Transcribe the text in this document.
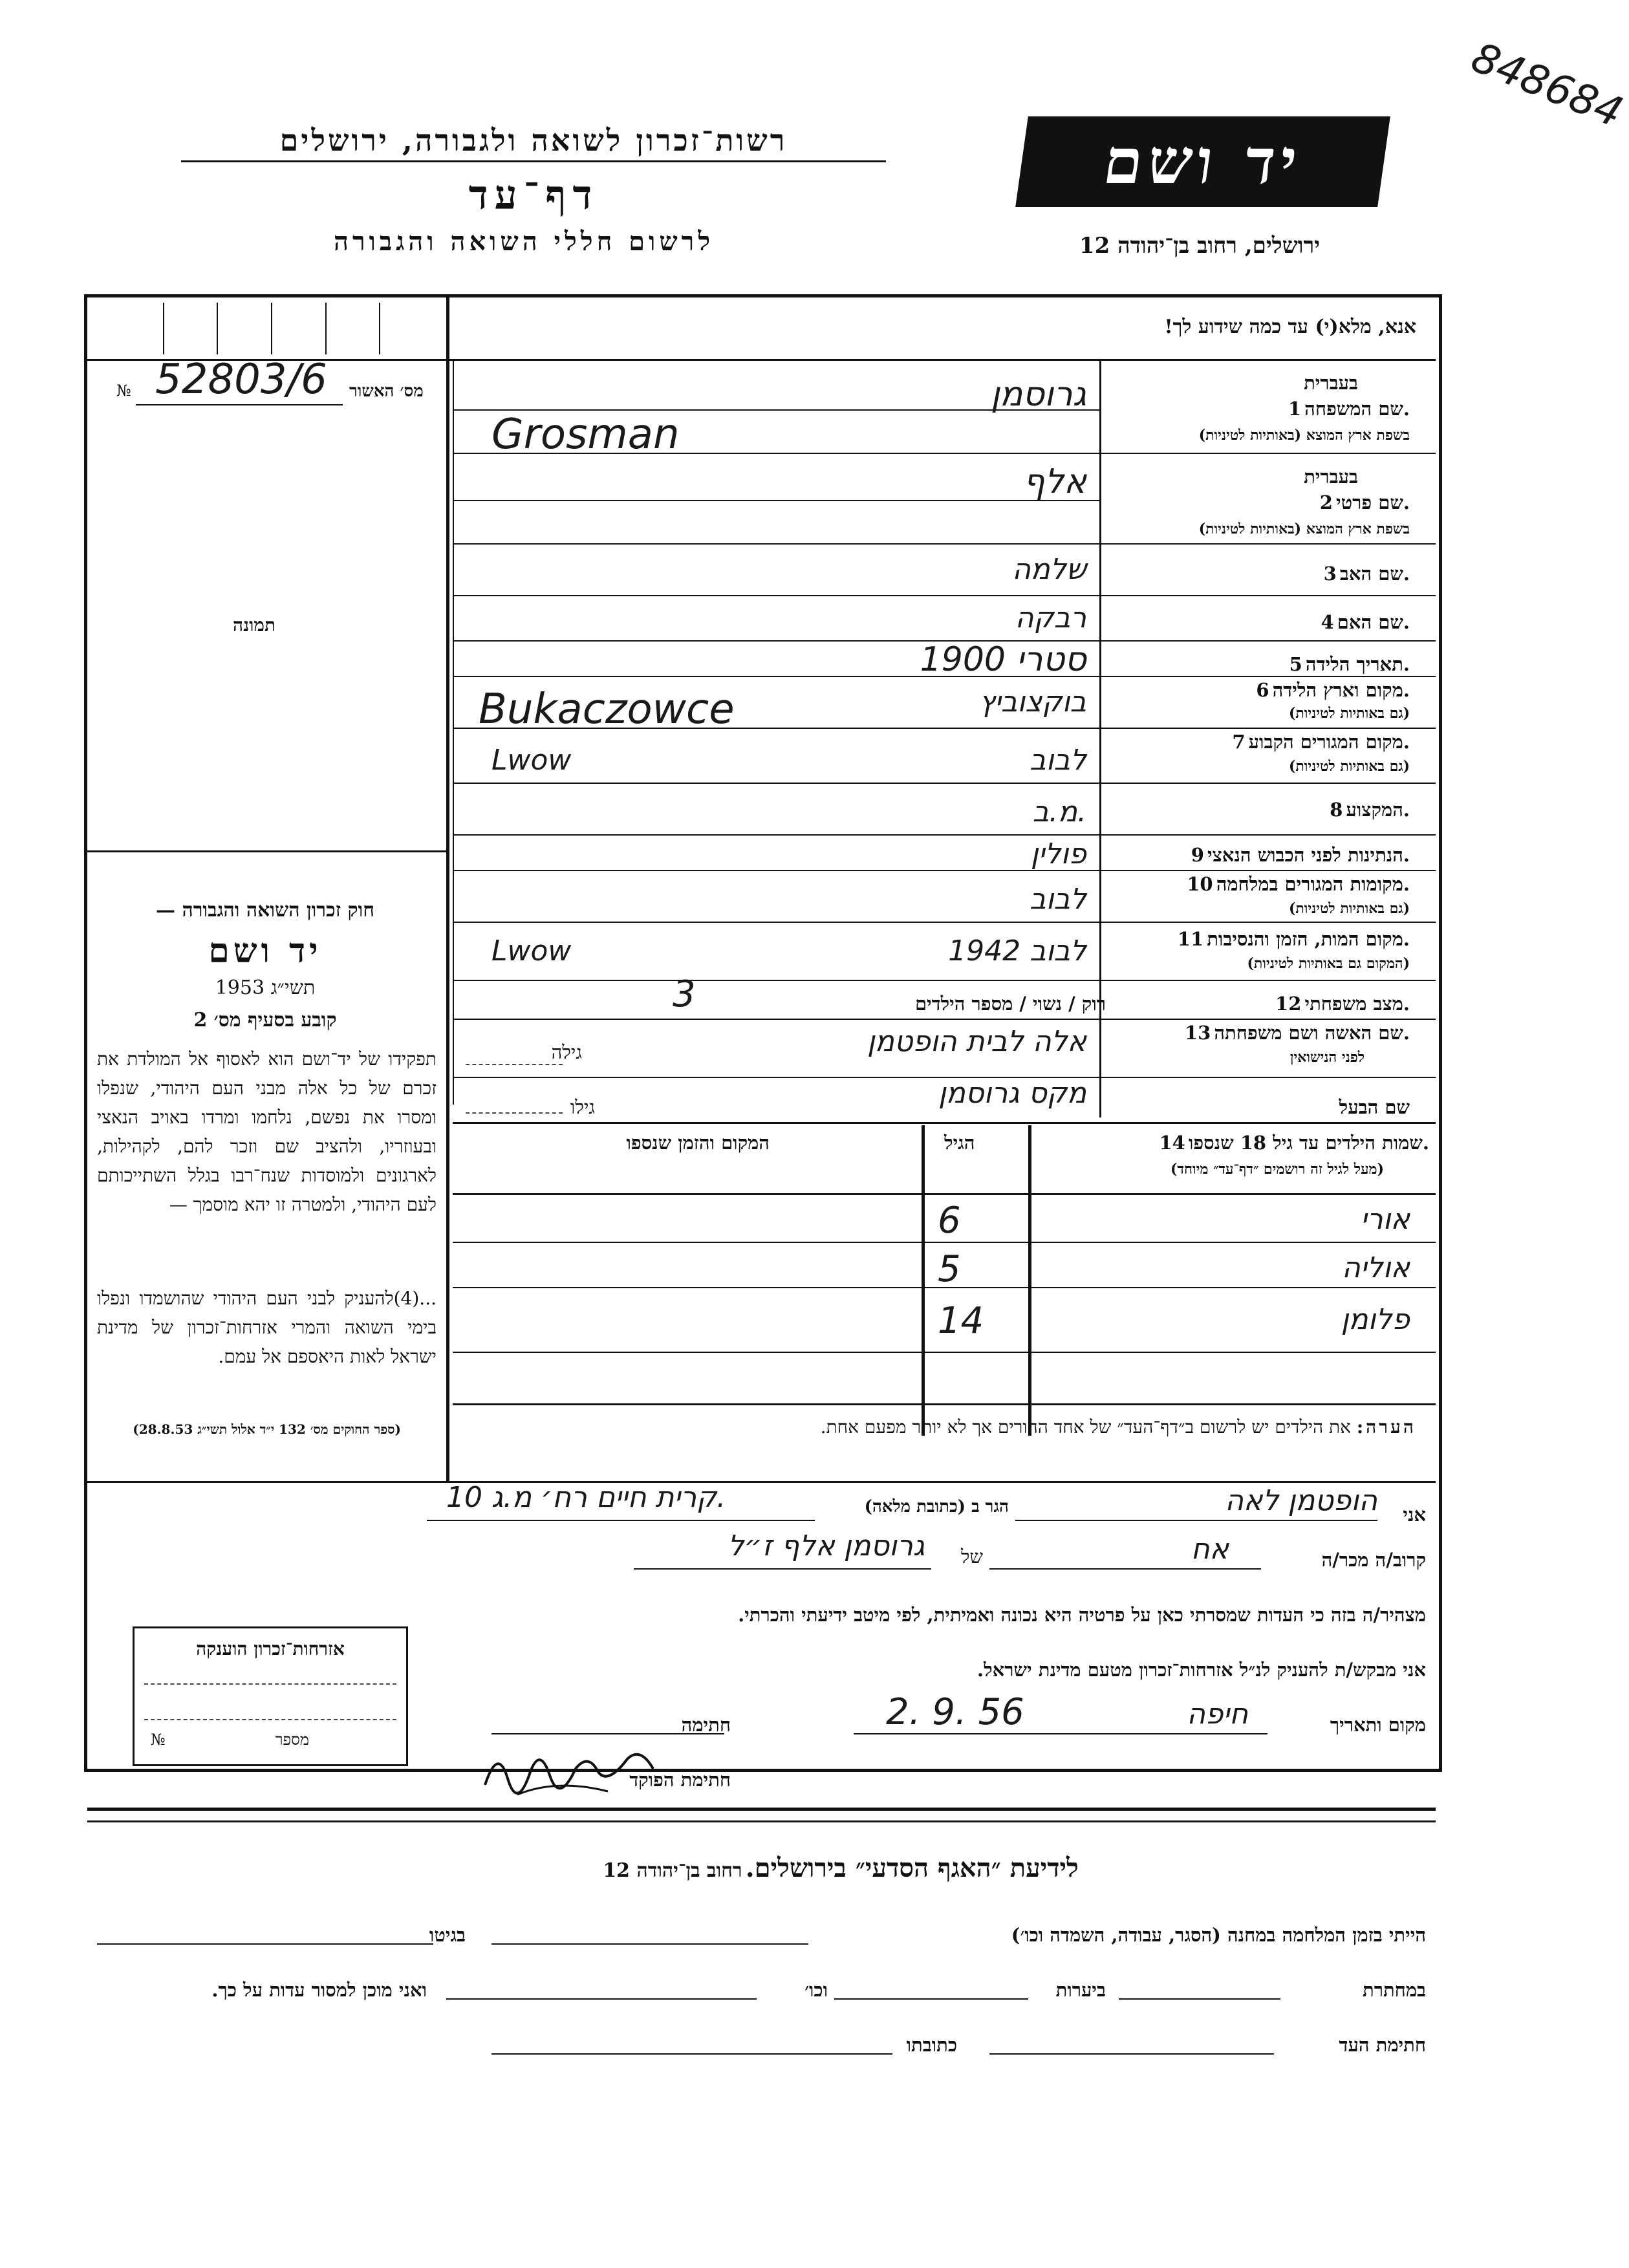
848684
רשות־זכרון לשואה ולגבורה, ירושלים
דף־עד
לרשום חללי השואה והגבורה
יד ושם
ירושלים, רחוב בן־יהודה 12
מס׳ האשור
№ 52803/6
תמונה
חוק זכרון השואה והגבורה —
יד ושם
תשי״ג 1953
קובע בסעיף מס׳ 2
תפקידו של יד־ושם הוא לאסוף אל המולדת את זכרם של כל אלה מבני העם היהודי, שנפלו ומסרו את נפשם, נלחמו ומרדו באויב הנאצי ובעוזריו, ולהציב שם וזכר להם, לקהילות, לארגונים ולמוסדות שנח־רבו בגלל השתייכותם לעם היהודי, ולמטרה זו יהא מוסמך —
...(4)להעניק לבני העם היהודי שהושמדו ונפלו בימי השואה והמרי אזרחות־זכרון של מדינת ישראל לאות היאספם אל עמם.
(ספר החוקים מס׳ 132 י״ד אלול תשי״ג 28.8.53)
אנא, מלא(י) עד כמה שידוע לך!
בעברית
שם המשפחה 1.
בשפת ארץ המוצא (באותיות לטיניות)
בעברית
שם פרטי 2.
בשפת ארץ המוצא (באותיות לטיניות)
שם האב 3.
שם האם 4.
תאריך הלידה 5.
מקום וארץ הלידה 6.
(גם באותיות לטיניות)
מקום המגורים הקבוע 7.
(גם באותיות לטיניות)
המקצוע 8.
הנתינות לפני הכבוש הנאצי 9.
מקומות המגורים במלחמה 10.
(גם באותיות לטיניות)
מקום המות, הזמן והנסיבות 11.
(המקום גם באותיות לטיניות)
מצב משפחתי 12.
רוק / נשוי / מספר הילדים
3
שם האשה ושם משפחתה 13.
לפני הנישואין
גילה	אלה לבית הופטמן
שם הבעל
גילו	מקס גרוסמן
גרוסמן
Grosman
אלף
שלמה
רבקה
1900 סטרי
בוקצוביץ
Bukaczowce
לבוב
Lwow
מ.ב.
פולין
לבוב
1942 לבוב
Lwow
שמות הילדים עד גיל 18 שנספו 14.
(מעל לגיל זה רושמים ״דף־עד״ מיוחד)
הגיל
המקום והזמן שנספו
אורי
6
אוליה
5
פלומן
14
הערה: את הילדים יש לרשום ב״דף־העד״ של אחד ההורים אך לא יותר מפעם אחת.
אני
הופטמן לאה
הגר ב (כתובת מלאה)
10 קרית חיים רח׳ מ.ג.
קרוב/ה מכר/ה
אח
של
גרוסמן אלף ז״ל
מצהיר/ה בזה כי העדות שמסרתי כאן על פרטיה היא נכונה ואמיתית, לפי מיטב ידיעתי והכרתי.
אני מבקש/ת להעניק לנ״ל אזרחות־זכרון מטעם מדינת ישראל.
מקום ותאריך
חיפה
2. 9. 56
חתימה
חתימת הפוקד
אזרחות־זכרון הוענקה
מספר
№
לידיעת ״האגף הסדעי״ בירושלים. רחוב בן־יהודה 12
הייתי בזמן המלחמה במחנה (הסגר, עבודה, השמדה וכו׳)
בגיטו
במחתרת
ביערות
וכו׳
ואני מוכן למסור עדות על כך.
חתימת העד
כתובתו
